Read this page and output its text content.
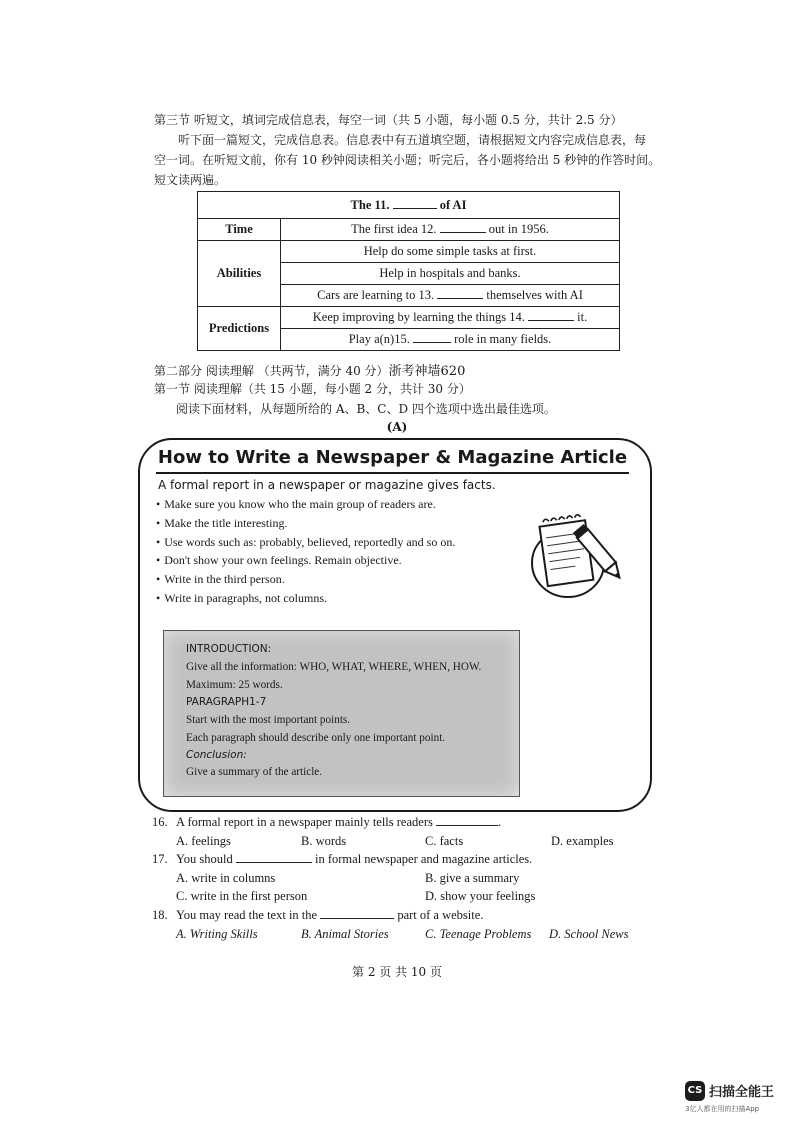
第三节 听短文，填词完成信息表，每空一词（共 5 小题，每小题 0.5 分，共计 2.5 分）
听下面一篇短文，完成信息表。信息表中有五道填空题，请根据短文内容完成信息表，每
空一词。在听短文前，你有 10 秒钟阅读相关小题；听完后，各小题将给出 5 秒钟的作答时间。
短文读两遍。
The 11. of AI	
Time	The first idea 12. out in 1956.
Abilities	Help do some simple tasks at first.
	Help in hospitals and banks.
	Cars are learning to 13. themselves with AI
Predictions	Keep improving by learning the things 14. it.
	Play a(n)15. role in many fields.
第二部分 阅读理解 （共两节，满分 40 分）浙考神墙620
第一节 阅读理解（共 15 小题，每小题 2 分，共计 30 分）
阅读下面材料，从每题所给的 A、B、C、D 四个选项中选出最佳选项。
(A)
How to Write a Newspaper & Magazine Article
A formal report in a newspaper or magazine gives facts.
• Make sure you know who the main group of readers are.
• Make the title interesting.
• Use words such as: probably, believed, reportedly and so on.
• Don't show your own feelings. Remain objective.
• Write in the third person.
• Write in paragraphs, not columns.
INTRODUCTION:
Give all the information: WHO, WHAT, WHERE, WHEN, HOW.
Maximum: 25 words.
PARAGRAPH1-7
Start with the most important points.
Each paragraph should describe only one important point.
Conclusion:
Give a summary of the article.
16. A formal report in a newspaper mainly tells readers	.
A. feelings	B. words	C. facts	D. examples
17. You should	in formal newspaper and magazine articles.
A. write in columns	B. give a summary
C. write in the first person	D. show your feelings
18. You may read the text in the	part of a website.
A. Writing Skills	B. Animal Stories	C. Teenage Problems D. School News
第 2 页 共 10 页
CS 扫描全能王
3亿人都在用的扫描App
